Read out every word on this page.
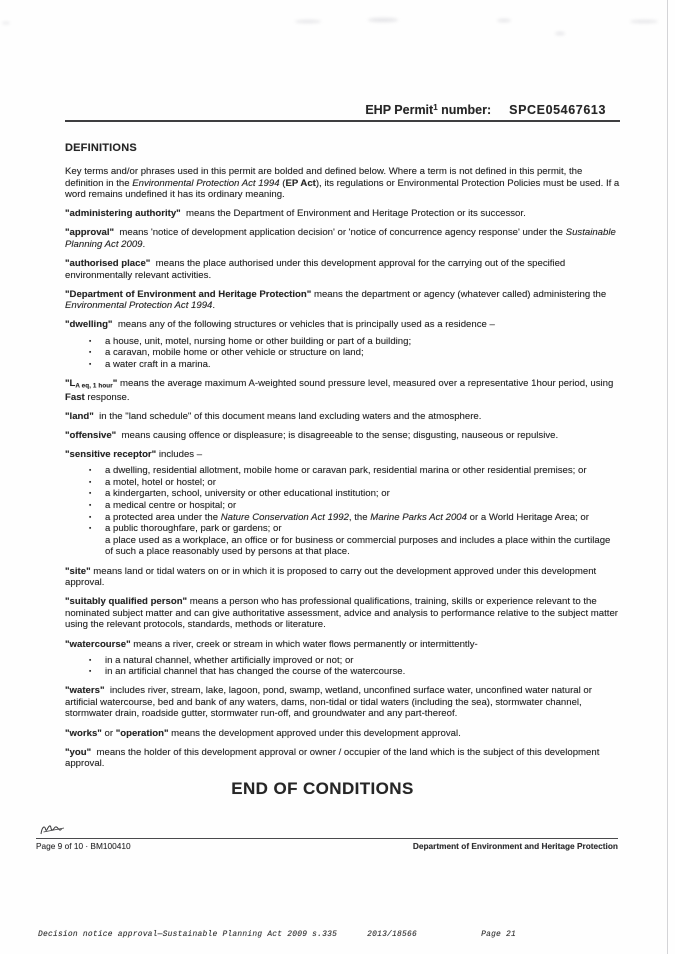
EHP Permit$^1$ number: SPCE05467613
DEFINITIONS

Key terms and/or phrases used in this permit are bolded and defined below. Where a term is not defined in this permit, the definition in the Environmental Protection Act 1994 (EP Act), its regulations or Environmental Protection Policies must be used. If a word remains undefined it has its ordinary meaning.

"administering authority"  means the Department of Environment and Heritage Protection or its successor.

"approval"  means 'notice of development application decision' or 'notice of concurrence agency response' under the Sustainable Planning Act 2009.

"authorised place"  means the place authorised under this development approval for the carrying out of the specified environmentally relevant activities.

"Department of Environment and Heritage Protection" means the department or agency (whatever called) administering the Environmental Protection Act 1994.

"dwelling"  means any of the following structures or vehicles that is principally used as a residence –

▪ a house, unit, motel, nursing home or other building or part of a building;
▪ a caravan, mobile home or other vehicle or structure on land;
▪ a water craft in a marina.

"$L_{A eq, 1 hour}$" means the average maximum A-weighted sound pressure level, measured over a representative 1hour period, using Fast response.

"land"  in the "land schedule" of this document means land excluding waters and the atmosphere.

"offensive"  means causing offence or displeasure; is disagreeable to the sense; disgusting, nauseous or repulsive.

"sensitive receptor" includes –

▪ a dwelling, residential allotment, mobile home or caravan park, residential marina or other residential premises; or
▪ a motel, hotel or hostel; or
▪ a kindergarten, school, university or other educational institution; or
▪ a medical centre or hospital; or
▪ a protected area under the Nature Conservation Act 1992, the Marine Parks Act 2004 or a World Heritage Area; or
▪ a public thoroughfare, park or gardens; or
a place used as a workplace, an office or for business or commercial purposes and includes a place within the curtilage of such a place reasonably used by persons at that place.

"site" means land or tidal waters on or in which it is proposed to carry out the development approved under this development approval.

"suitably qualified person" means a person who has professional qualifications, training, skills or experience relevant to the nominated subject matter and can give authoritative assessment, advice and analysis to performance relative to the subject matter using the relevant protocols, standards, methods or literature.

"watercourse" means a river, creek or stream in which water flows permanently or intermittently-

▪ in a natural channel, whether artificially improved or not; or
▪ in an artificial channel that has changed the course of the watercourse.

"waters"  includes river, stream, lake, lagoon, pond, swamp, wetland, unconfined surface water, unconfined water natural or artificial watercourse, bed and bank of any waters, dams, non-tidal or tidal waters (including the sea), stormwater channel, stormwater drain, roadside gutter, stormwater run-off, and groundwater and any part-thereof.

"works" or "operation" means the development approved under this development approval.

"you"  means the holder of this development approval or owner / occupier of the land which is the subject of this development approval.

END OF CONDITIONS
Page 9 of 10 · BM100410	Department of Environment and Heritage Protection
Decision notice approval—Sustainable Planning Act 2009 s.335	2013/18566	Page 21
